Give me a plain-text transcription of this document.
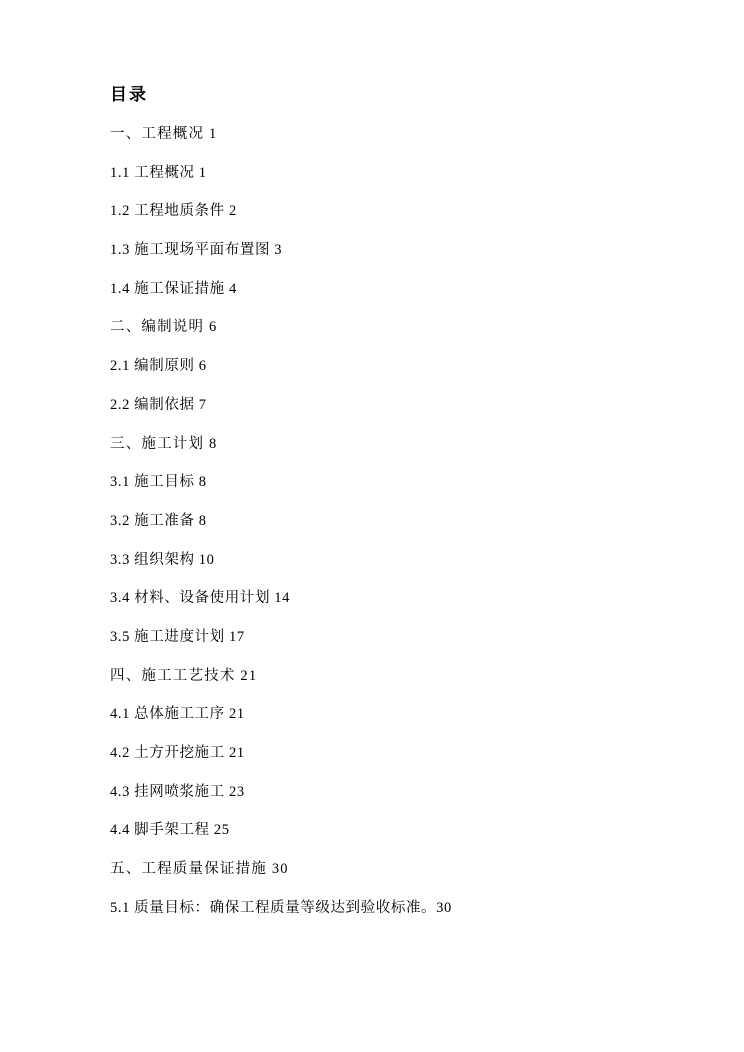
目录
一、工程概况 1
1.1 工程概况 1
1.2 工程地质条件 2
1.3 施工现场平面布置图 3
1.4 施工保证措施 4
二、编制说明 6
2.1 编制原则 6
2.2 编制依据 7
三、施工计划 8
3.1 施工目标 8
3.2 施工准备 8
3.3 组织架构 10
3.4 材料、设备使用计划 14
3.5 施工进度计划 17
四、施工工艺技术 21
4.1 总体施工工序 21
4.2 土方开挖施工 21
4.3 挂网喷浆施工 23
4.4 脚手架工程 25
五、工程质量保证措施 30
5.1 质量目标：确保工程质量等级达到验收标准。30
